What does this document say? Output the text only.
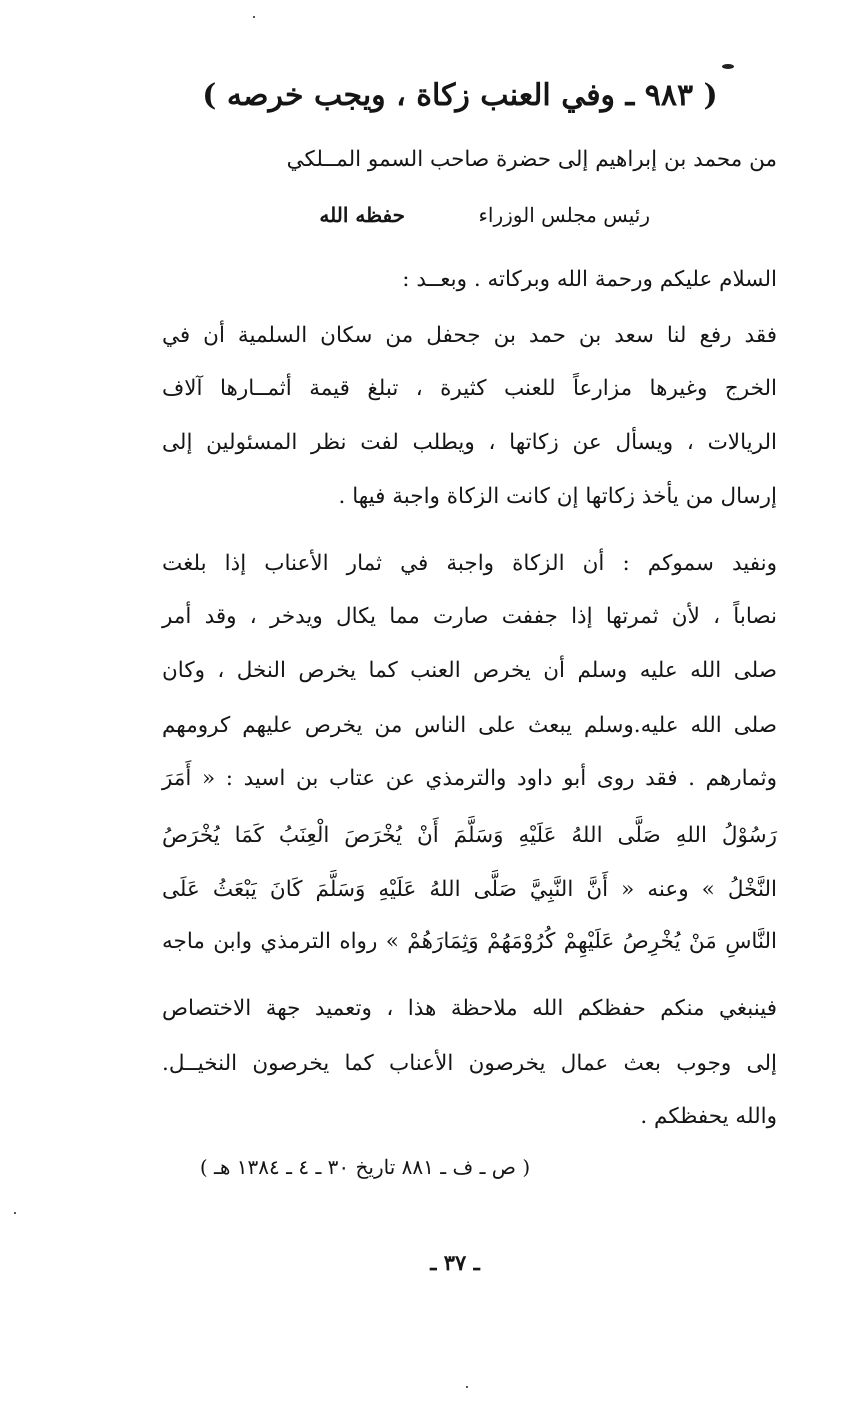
( ٩٨٣ ـ وفي العنب زكاة ، ويجب خرصه )
من محمد بن إبراهيم إلى حضرة صاحب السمو المــلكي
رئيس مجلس الوزراء
حفظه الله
السلام عليكم ورحمة الله وبركاته . وبعــد :
فقد رفع لنا سعد بن حمد بن جحفل من سكان السلمية أن في
الخرج وغيرها مزارعاً للعنب كثيرة ، تبلغ قيمة أثمــارها آلاف
الريالات ، ويسأل عن زكاتها ، ويطلب لفت نظر المسئولين إلى
إرسال من يأخذ زكاتها إن كانت الزكاة واجبة فيها .
ونفيد سموكم : أن الزكاة واجبة في ثمار الأعناب إذا بلغت
نصاباً ، لأن ثمرتها إذا جففت صارت مما يكال ويدخر ، وقد أمر
صلى الله عليه وسلم أن يخرص العنب كما يخرص النخل ، وكان
صلى الله عليه.وسلم يبعث على الناس من يخرص عليهم كرومهم
وثمارهم . فقد روى أبو داود والترمذي عن عتاب بن اسيد : « أَمَرَ
رَسُوْلُ اللهِ صَلَّى اللهُ عَلَيْهِ وَسَلَّمَ أَنْ يُخْرَصَ الْعِنَبُ كَمَا يُخْرَصُ
النَّخْلُ » وعنه « أَنَّ النَّبِيَّ صَلَّى اللهُ عَلَيْهِ وَسَلَّمَ كَانَ يَبْعَثُ عَلَى
النَّاسِ مَنْ يُخْرِصُ عَلَيْهِمْ كُرُوْمَهُمْ وَثِمَارَهُمْ » رواه الترمذي وابن ماجه
فينبغي منكم حفظكم الله ملاحظة هذا ، وتعميد جهة الاختصاص
إلى وجوب بعث عمال يخرصون الأعناب كما يخرصون النخيــل.
والله يحفظكم .
( ص ـ ف ـ ٨٨١ تاريخ ٣٠ ـ ٤ ـ ١٣٨٤ هـ )
ـ ٣٧ ـ
